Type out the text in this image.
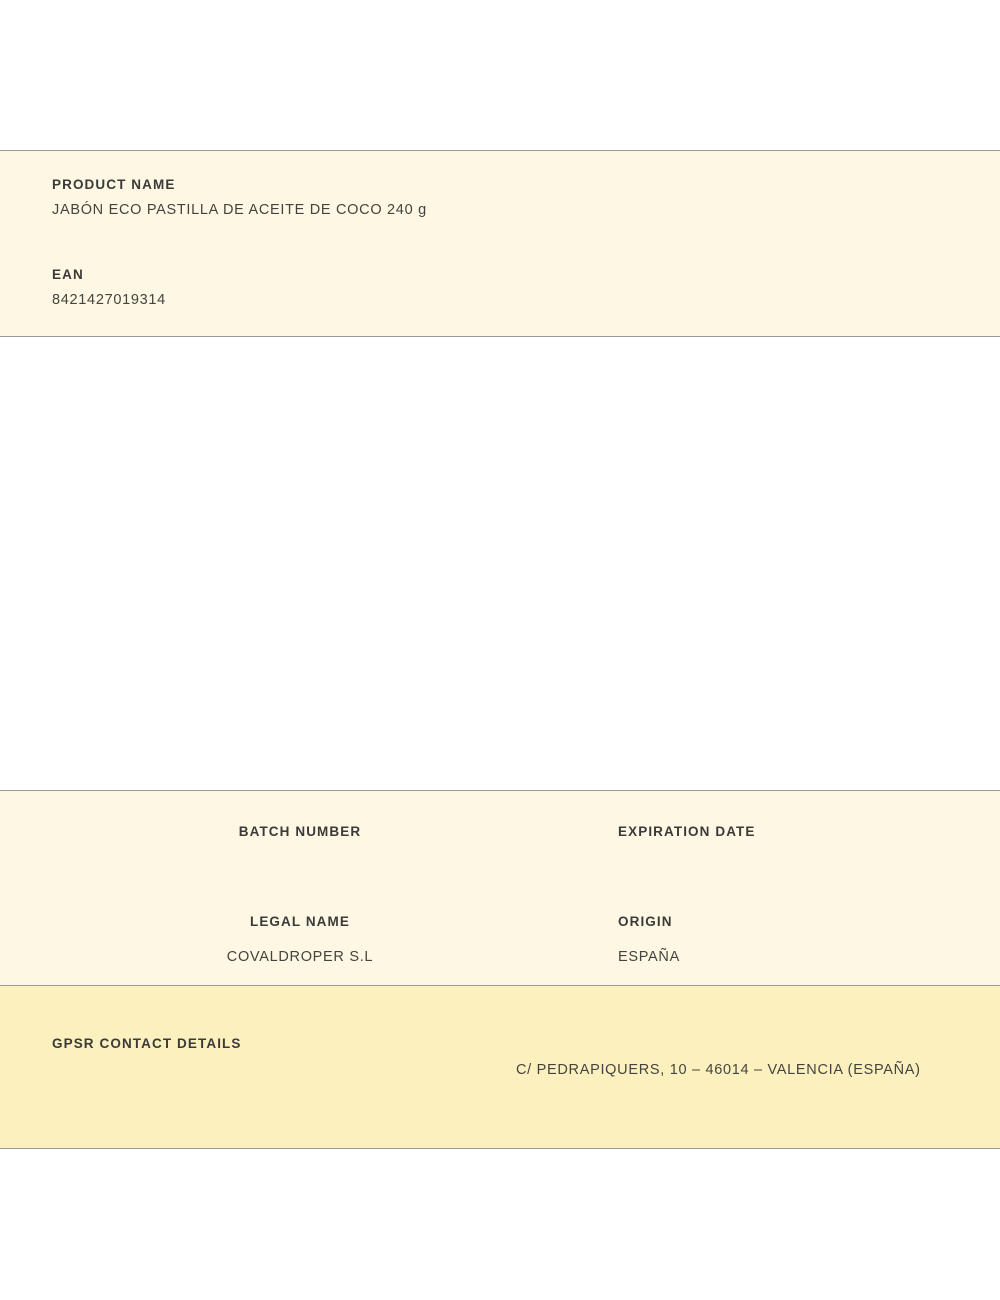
PRODUCT NAME
JABÓN ECO PASTILLA DE ACEITE DE COCO 240 g
EAN
8421427019314
BATCH NUMBER	EXPIRATION DATE
LEGAL NAME
COVALDROPER S.L
ORIGIN
ESPAÑA
GPSR CONTACT DETAILS
C/ PEDRAPIQUERS, 10 – 46014 – VALENCIA (ESPAÑA)
